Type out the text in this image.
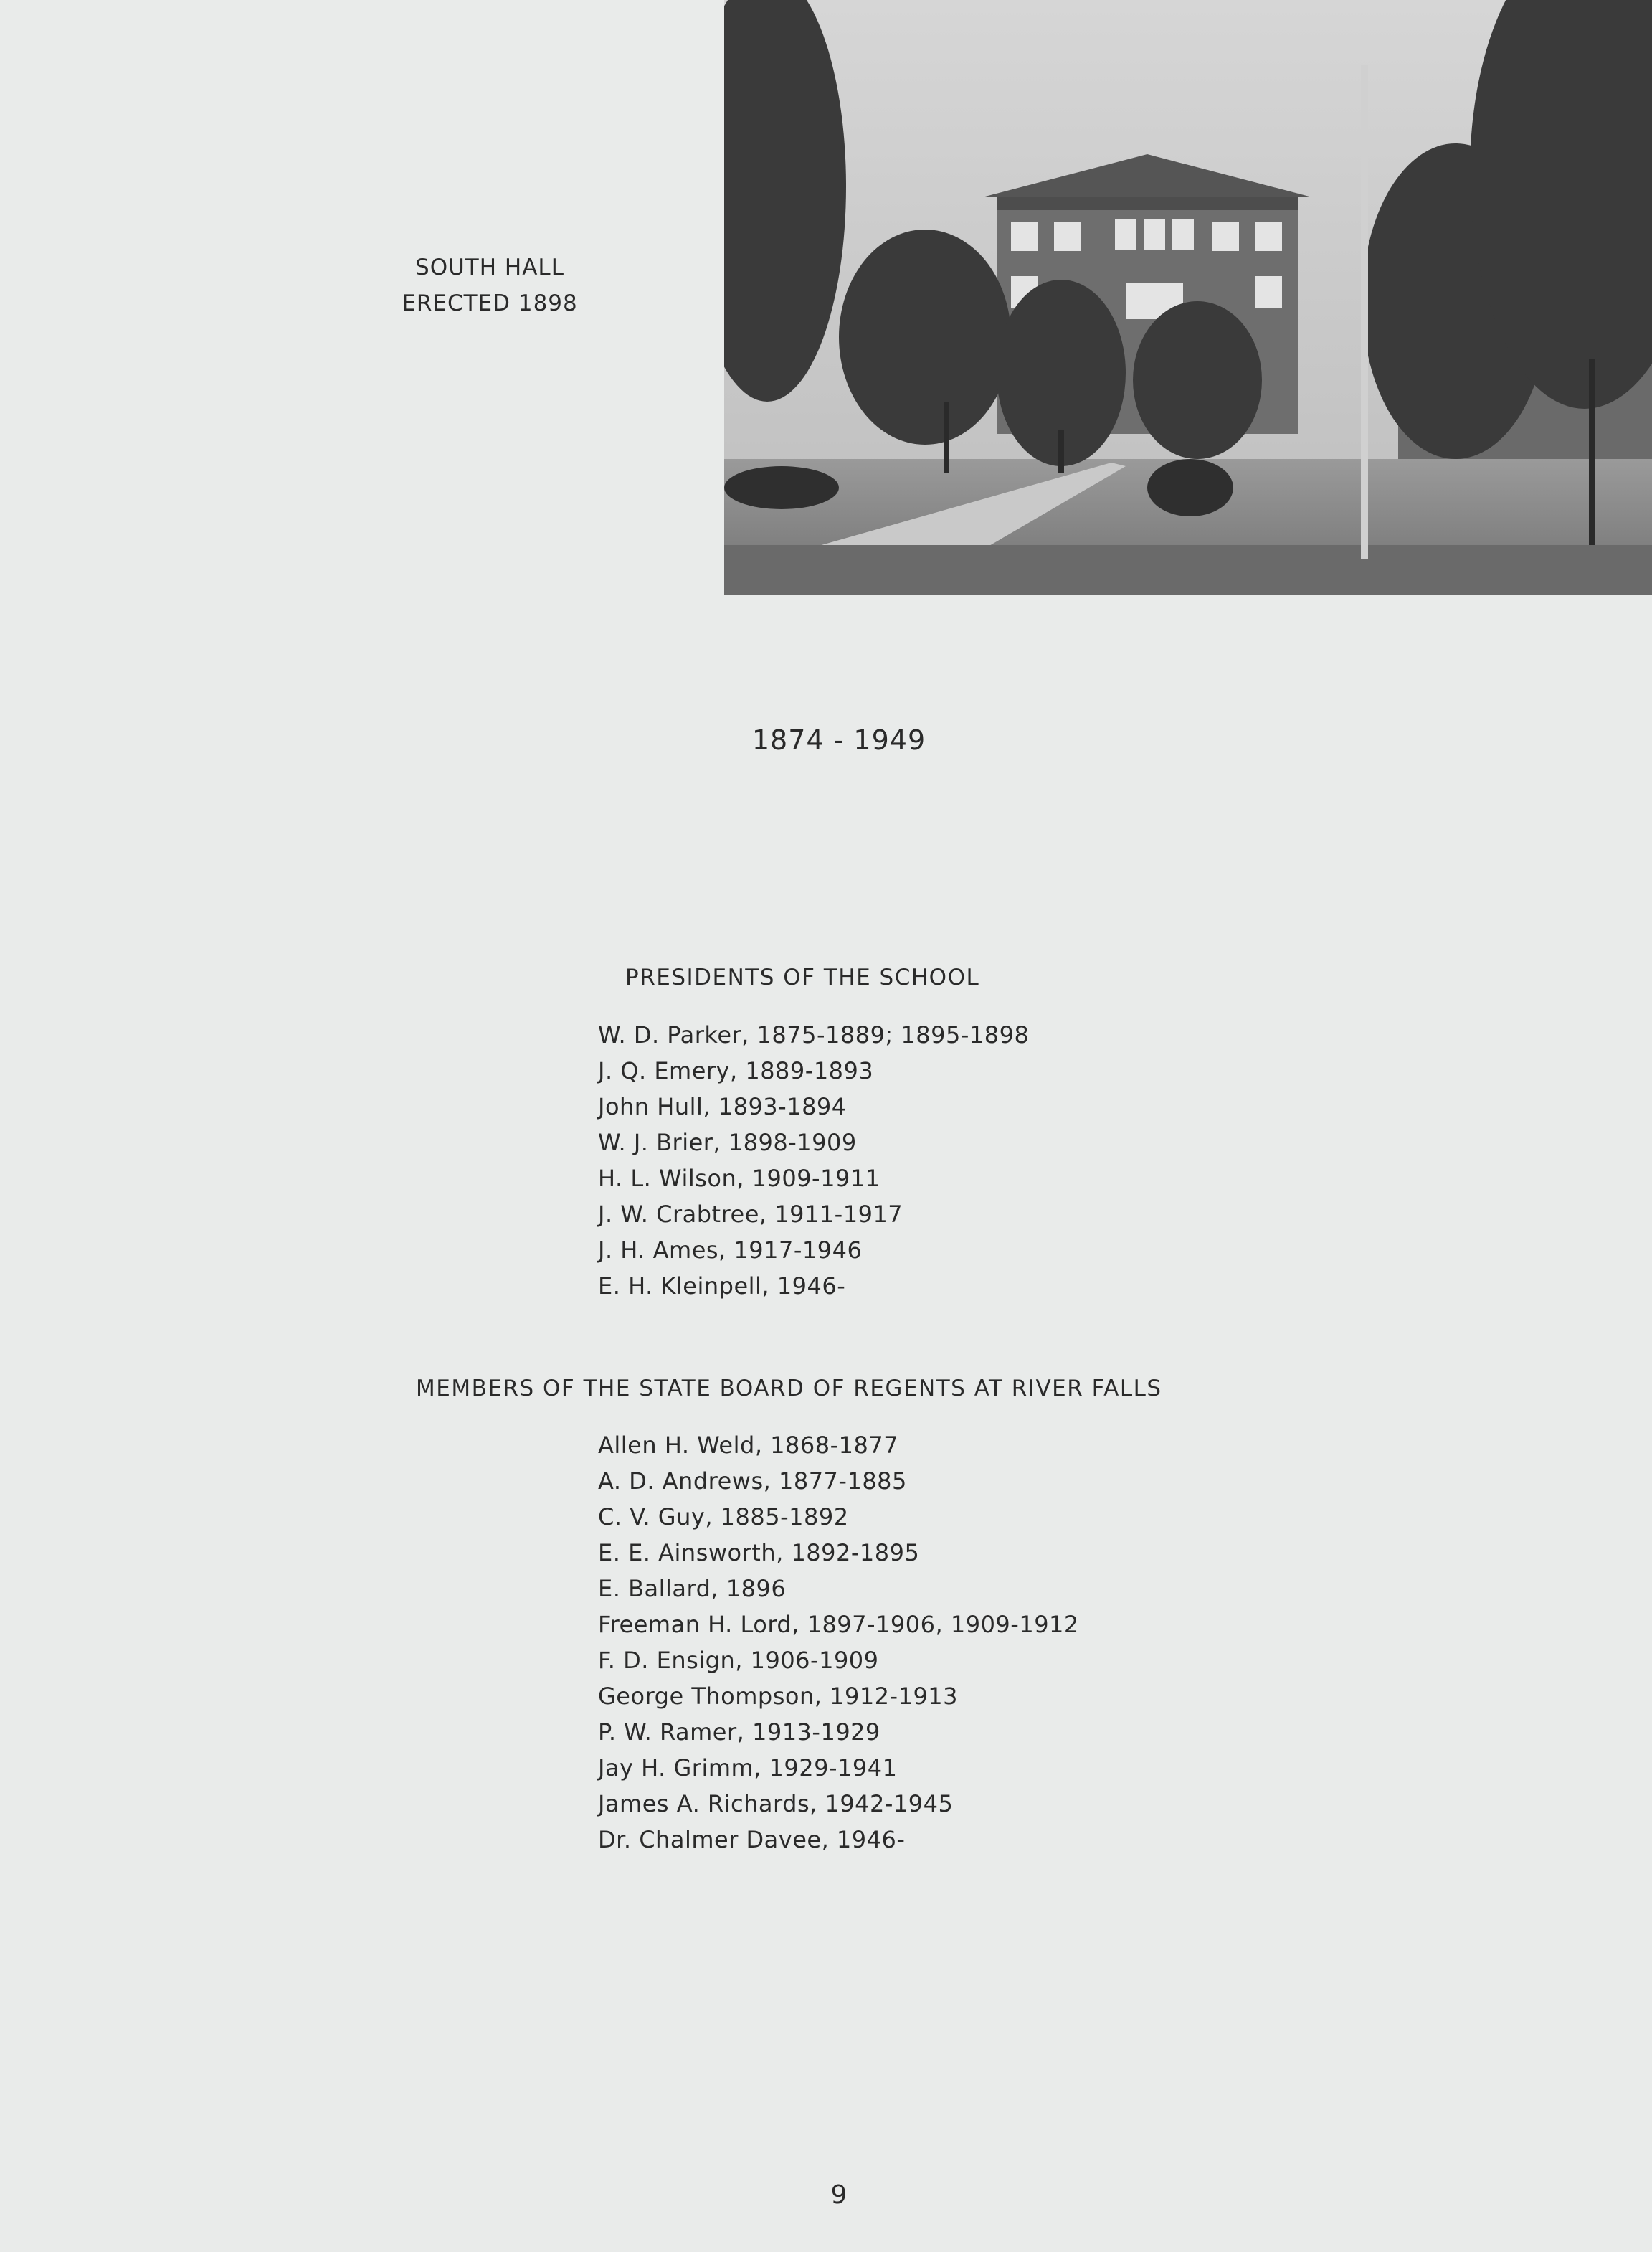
SOUTH HALL
ERECTED 1898
1874 - 1949
PRESIDENTS OF THE SCHOOL
W. D. Parker, 1875-1889; 1895-1898
J. Q. Emery, 1889-1893
John Hull, 1893-1894
W. J. Brier, 1898-1909
H. L. Wilson, 1909-1911
J. W. Crabtree, 1911-1917
J. H. Ames, 1917-1946
E. H. Kleinpell, 1946-
MEMBERS OF THE STATE BOARD OF REGENTS AT RIVER FALLS
Allen H. Weld, 1868-1877
A. D. Andrews, 1877-1885
C. V. Guy, 1885-1892
E. E. Ainsworth, 1892-1895
E. Ballard, 1896
Freeman H. Lord, 1897-1906, 1909-1912
F. D. Ensign, 1906-1909
George Thompson, 1912-1913
P. W. Ramer, 1913-1929
Jay H. Grimm, 1929-1941
James A. Richards, 1942-1945
Dr. Chalmer Davee, 1946-
9
